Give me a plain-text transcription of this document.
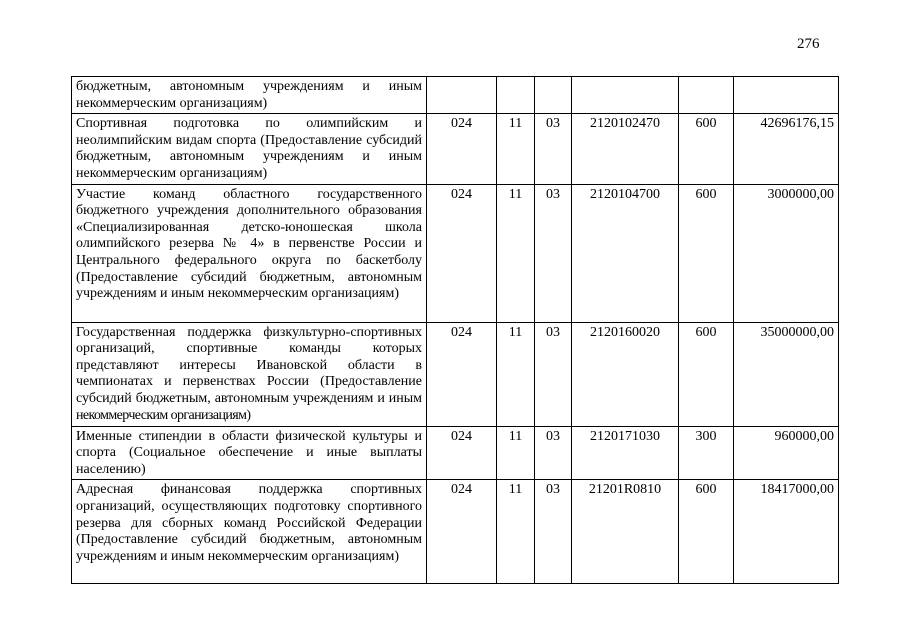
276
бюджетным, автономным учреждениям и иным некоммерческим организациям)						
Спортивная подготовка по олимпийским и неолимпийским видам спорта (Предоставление субсидий бюджетным, автономным учреждениям и иным некоммерческим организациям)	024	11	03	2120102470	600	42696176,15
Участие команд областного государственного бюджетного учреждения дополнительного образования «Специализированная детско-юношеская школа олимпийского резерва № 4» в первенстве России и Центрального федерального округа по баскетболу (Предоставление субсидий бюджетным, автономным учреждениям и иным некоммерческим организациям)	024	11	03	2120104700	600	3000000,00
Государственная поддержка физкультурно-спортивных организаций, спортивные команды которых представляют интересы Ивановской области в чемпионатах и первенствах России (Предоставление субсидий бюджетным, автономным учреждениям и иным некоммерческим организациям)	024	11	03	2120160020	600	35000000,00
Именные стипендии в области физической культуры и спорта (Социальное обеспечение и иные выплаты населению)	024	11	03	2120171030	300	960000,00
Адресная финансовая поддержка спортивных организаций, осуществляющих подготовку спортивного резерва для сборных команд Российской Федерации (Предоставление субсидий бюджетным, автономным учреждениям и иным некоммерческим организациям)	024	11	03	21201R0810	600	18417000,00
